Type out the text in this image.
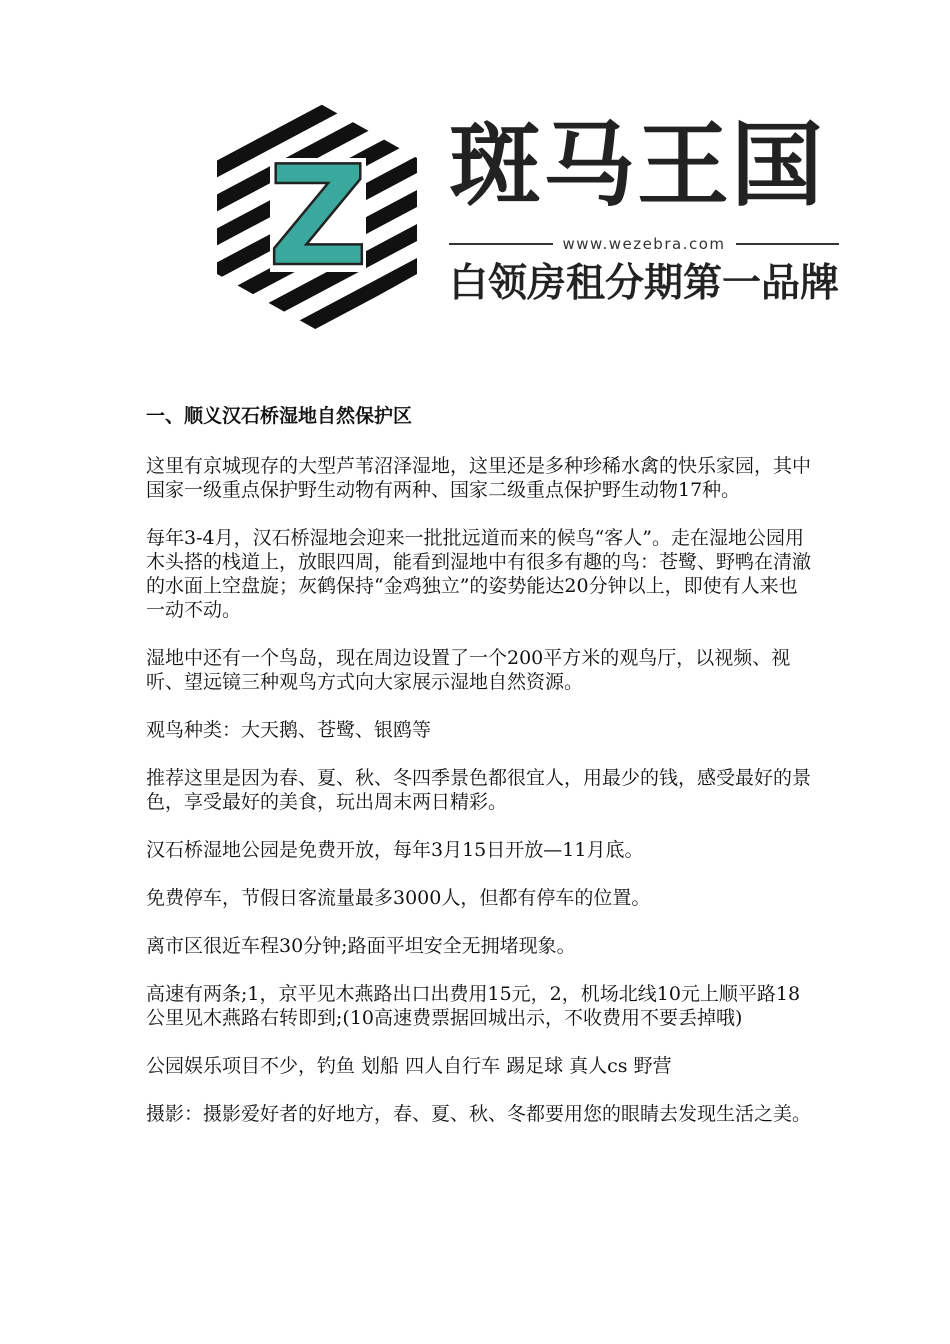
Z 斑马王国
www.wezebra.com
白领房租分期第一品牌
一、顺义汉石桥湿地自然保护区
这里有京城现存的大型芦苇沼泽湿地，这里还是多种珍稀水禽的快乐家园，其中国家一级重点保护野生动物有两种、国家二级重点保护野生动物17种。
每年3-4月，汉石桥湿地会迎来一批批远道而来的候鸟“客人”。走在湿地公园用木头搭的栈道上，放眼四周，能看到湿地中有很多有趣的鸟：苍鹭、野鸭在清澈的水面上空盘旋；灰鹤保持“金鸡独立”的姿势能达20分钟以上，即使有人来也一动不动。
湿地中还有一个鸟岛，现在周边设置了一个200平方米的观鸟厅，以视频、视听、望远镜三种观鸟方式向大家展示湿地自然资源。
观鸟种类：大天鹅、苍鹭、银鸥等
推荐这里是因为春、夏、秋、冬四季景色都很宜人，用最少的钱，感受最好的景色，享受最好的美食，玩出周末两日精彩。
汉石桥湿地公园是免费开放，每年3月15日开放—11月底。
免费停车，节假日客流量最多3000人，但都有停车的位置。
离市区很近车程30分钟;路面平坦安全无拥堵现象。
高速有两条;1，京平见木燕路出口出费用15元，2，机场北线10元上顺平路18公里见木燕路右转即到;(10高速费票据回城出示，不收费用不要丢掉哦)
公园娱乐项目不少，钓鱼 划船 四人自行车 踢足球 真人cs 野营
摄影：摄影爱好者的好地方，春、夏、秋、冬都要用您的眼睛去发现生活之美。
